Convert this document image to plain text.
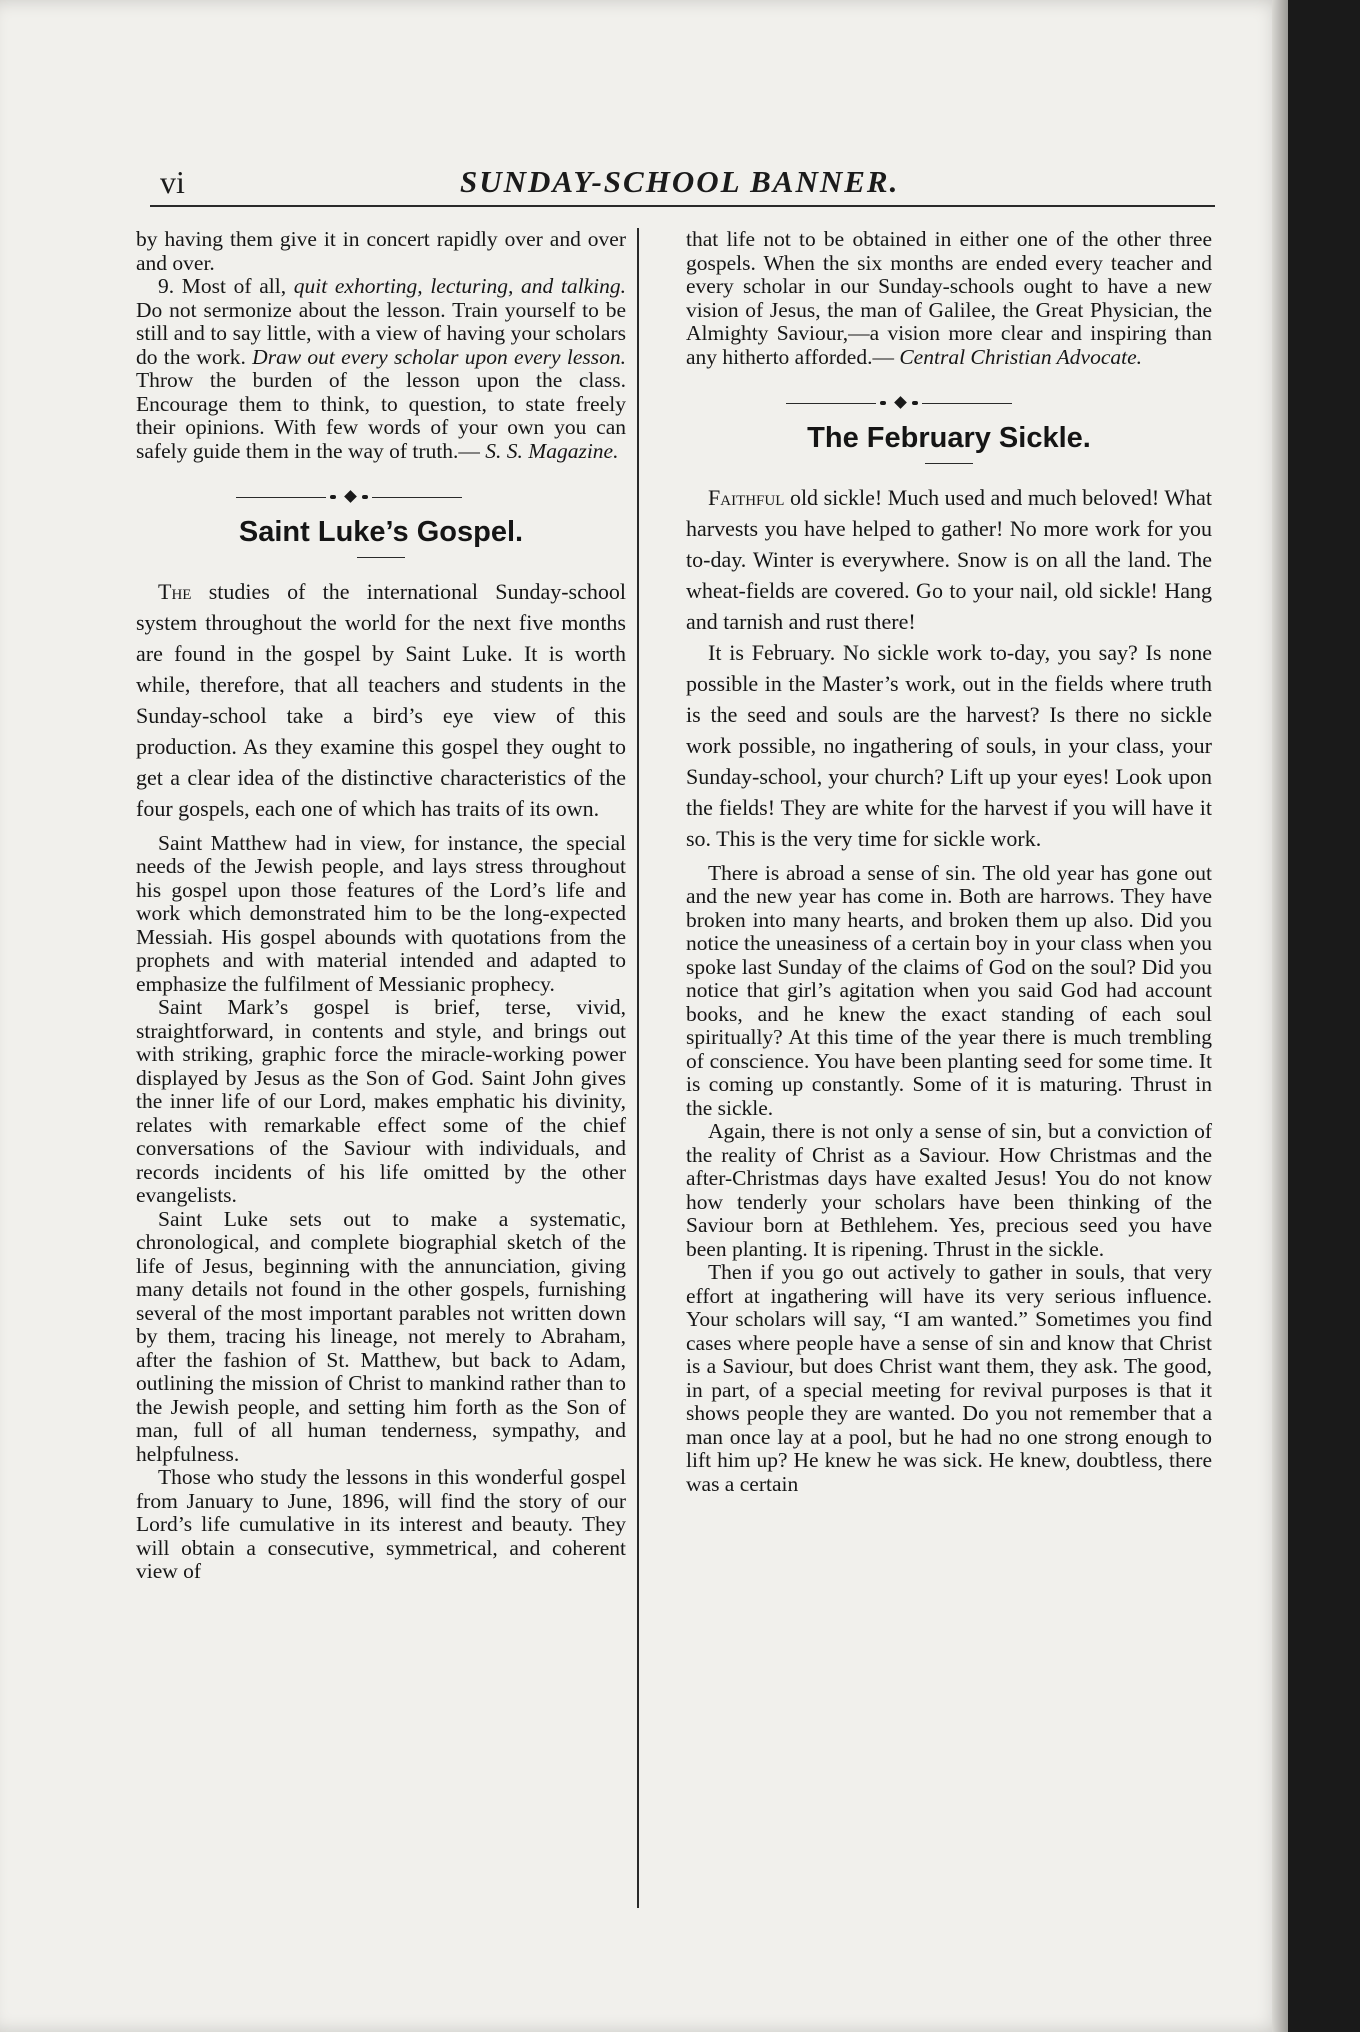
vi	SUNDAY-SCHOOL BANNER.

by having them give it in concert rapidly over and over and over.

9. Most of all, quit exhorting, lecturing, and talking. Do not sermonize about the lesson. Train yourself to be still and to say little, with a view of having your scholars do the work. Draw out every scholar upon every lesson. Throw the burden of the lesson upon the class. Encourage them to think, to question, to state freely their opinions. With few words of your own you can safely guide them in the way of truth.— S. S. Magazine.

Saint Luke’s Gospel.

The studies of the international Sunday-school system throughout the world for the next five months are found in the gospel by Saint Luke. It is worth while, therefore, that all teachers and students in the Sunday-school take a bird’s eye view of this production. As they examine this gospel they ought to get a clear idea of the distinctive characteristics of the four gospels, each one of which has traits of its own.

Saint Matthew had in view, for instance, the special needs of the Jewish people, and lays stress throughout his gospel upon those features of the Lord’s life and work which demonstrated him to be the long-expected Messiah. His gospel abounds with quotations from the prophets and with material intended and adapted to emphasize the fulfilment of Messianic prophecy.

Saint Mark’s gospel is brief, terse, vivid, straightforward, in contents and style, and brings out with striking, graphic force the miracle-working power displayed by Jesus as the Son of God. Saint John gives the inner life of our Lord, makes emphatic his divinity, relates with remarkable effect some of the chief conversations of the Saviour with individuals, and records incidents of his life omitted by the other evangelists.

Saint Luke sets out to make a systematic, chronological, and complete biographial sketch of the life of Jesus, beginning with the annunciation, giving many details not found in the other gospels, furnishing several of the most important parables not written down by them, tracing his lineage, not merely to Abraham, after the fashion of St. Matthew, but back to Adam, outlining the mission of Christ to mankind rather than to the Jewish people, and setting him forth as the Son of man, full of all human tenderness, sympathy, and helpfulness.

Those who study the lessons in this wonderful gospel from January to June, 1896, will find the story of our Lord’s life cumulative in its interest and beauty. They will obtain a consecutive, symmetrical, and coherent view of

that life not to be obtained in either one of the other three gospels. When the six months are ended every teacher and every scholar in our Sunday-schools ought to have a new vision of Jesus, the man of Galilee, the Great Physician, the Almighty Saviour,—a vision more clear and inspiring than any hitherto afforded.— Central Christian Advocate.

The February Sickle.

Faithful old sickle! Much used and much beloved! What harvests you have helped to gather! No more work for you to-day. Winter is everywhere. Snow is on all the land. The wheat-fields are covered. Go to your nail, old sickle! Hang and tarnish and rust there!

It is February. No sickle work to-day, you say? Is none possible in the Master’s work, out in the fields where truth is the seed and souls are the harvest? Is there no sickle work possible, no ingathering of souls, in your class, your Sunday-school, your church? Lift up your eyes! Look upon the fields! They are white for the harvest if you will have it so. This is the very time for sickle work.

There is abroad a sense of sin. The old year has gone out and the new year has come in. Both are harrows. They have broken into many hearts, and broken them up also. Did you notice the uneasiness of a certain boy in your class when you spoke last Sunday of the claims of God on the soul? Did you notice that girl’s agitation when you said God had account books, and he knew the exact standing of each soul spiritually? At this time of the year there is much trembling of conscience. You have been planting seed for some time. It is coming up constantly. Some of it is maturing. Thrust in the sickle.

Again, there is not only a sense of sin, but a conviction of the reality of Christ as a Saviour. How Christmas and the after-Christmas days have exalted Jesus! You do not know how tenderly your scholars have been thinking of the Saviour born at Bethlehem. Yes, precious seed you have been planting. It is ripening. Thrust in the sickle.

Then if you go out actively to gather in souls, that very effort at ingathering will have its very serious influence. Your scholars will say, “I am wanted.” Sometimes you find cases where people have a sense of sin and know that Christ is a Saviour, but does Christ want them, they ask. The good, in part, of a special meeting for revival purposes is that it shows people they are wanted. Do you not remember that a man once lay at a pool, but he had no one strong enough to lift him up? He knew he was sick. He knew, doubtless, there was a certain
